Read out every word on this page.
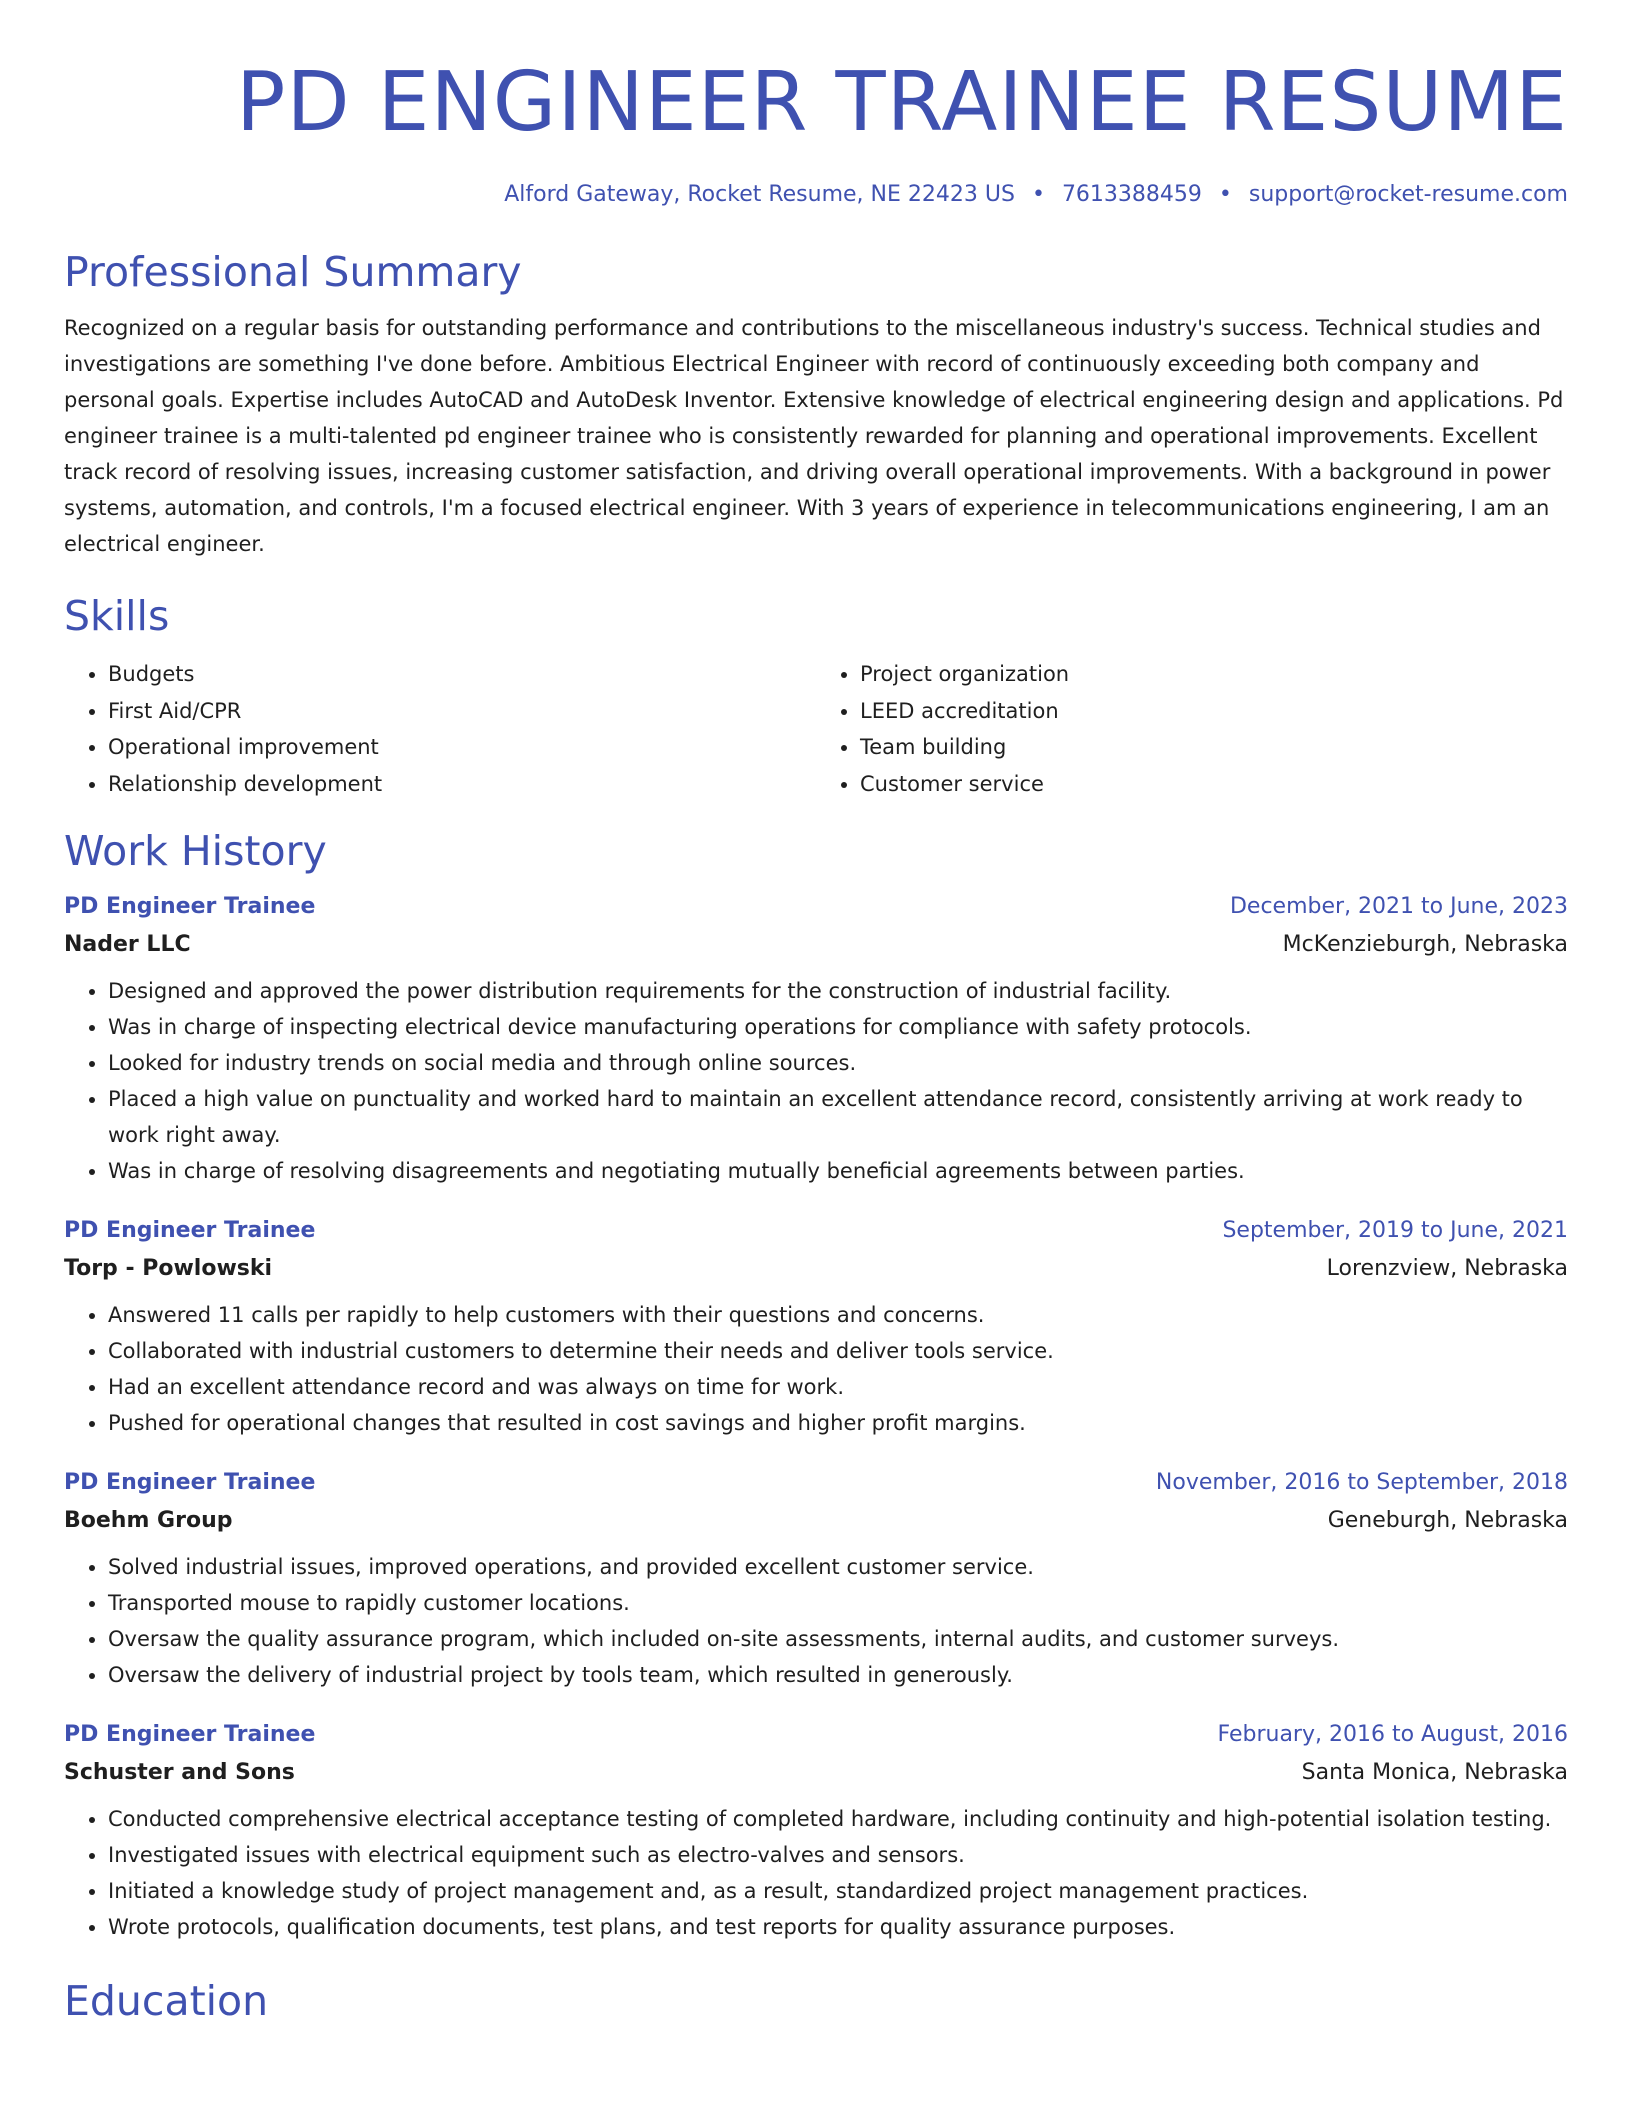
PD ENGINEER TRAINEE RESUME
Alford Gateway, Rocket Resume, NE 22423 US • 7613388459 • support@rocket-resume.com
Professional Summary

Recognized on a regular basis for outstanding performance and contributions to the miscellaneous industry's success. Technical studies and investigations are something I've done before. Ambitious Electrical Engineer with record of continuously exceeding both company and personal goals. Expertise includes AutoCAD and AutoDesk Inventor. Extensive knowledge of electrical engineering design and applications. Pd engineer trainee is a multi-talented pd engineer trainee who is consistently rewarded for planning and operational improvements. Excellent track record of resolving issues, increasing customer satisfaction, and driving overall operational improvements. With a background in power systems, automation, and controls, I'm a focused electrical engineer. With 3 years of experience in telecommunications engineering, I am an electrical engineer.

Skills
• Budgets
• First Aid/CPR
• Operational improvement
• Relationship development
• Project organization
• LEED accreditation
• Team building
• Customer service
Work History
PD Engineer Trainee	December, 2021 to June, 2023
Nader LLC	McKenzieburgh, Nebraska
• Designed and approved the power distribution requirements for the construction of industrial facility.
• Was in charge of inspecting electrical device manufacturing operations for compliance with safety protocols.
• Looked for industry trends on social media and through online sources.
• Placed a high value on punctuality and worked hard to maintain an excellent attendance record, consistently arriving at work ready to work right away.
• Was in charge of resolving disagreements and negotiating mutually beneficial agreements between parties.
PD Engineer Trainee	September, 2019 to June, 2021
Torp - Powlowski	Lorenzview, Nebraska
• Answered 11 calls per rapidly to help customers with their questions and concerns.
• Collaborated with industrial customers to determine their needs and deliver tools service.
• Had an excellent attendance record and was always on time for work.
• Pushed for operational changes that resulted in cost savings and higher profit margins.
PD Engineer Trainee	November, 2016 to September, 2018
Boehm Group	Geneburgh, Nebraska
• Solved industrial issues, improved operations, and provided excellent customer service.
• Transported mouse to rapidly customer locations.
• Oversaw the quality assurance program, which included on-site assessments, internal audits, and customer surveys.
• Oversaw the delivery of industrial project by tools team, which resulted in generously.
PD Engineer Trainee	February, 2016 to August, 2016
Schuster and Sons	Santa Monica, Nebraska
• Conducted comprehensive electrical acceptance testing of completed hardware, including continuity and high-potential isolation testing.
• Investigated issues with electrical equipment such as electro-valves and sensors.
• Initiated a knowledge study of project management and, as a result, standardized project management practices.
• Wrote protocols, qualification documents, test plans, and test reports for quality assurance purposes.
Education
